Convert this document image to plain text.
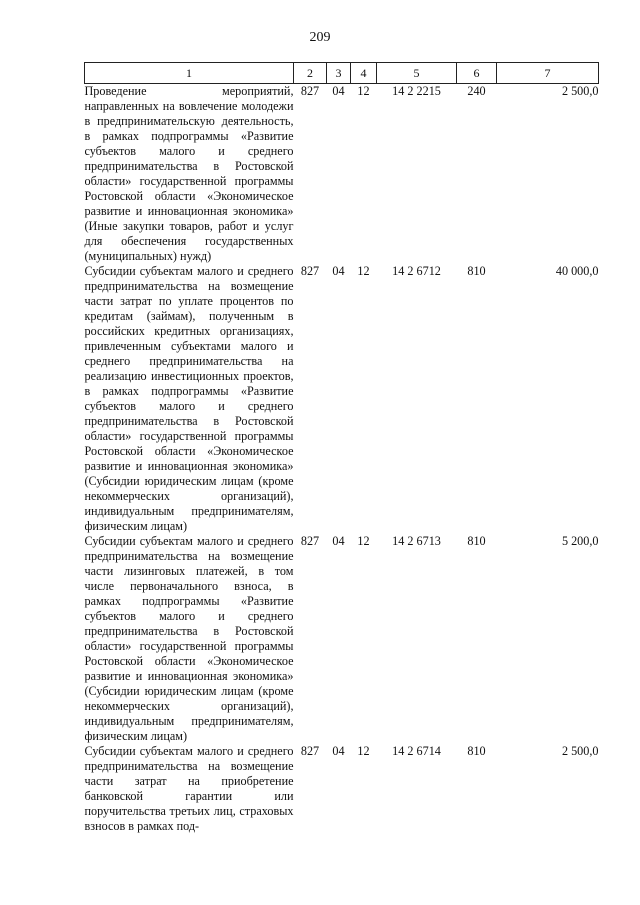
209
1	2	3	4	5	6	7
Проведение мероприятий, направленных на вовлечение молодежи в предпринимательскую деятельность, в рамках подпрограммы «Развитие субъектов малого и среднего предпринимательства в Ростовской области» государственной программы Ростовской области «Экономическое развитие и инновационная экономика» (Иные закупки товаров, работ и услуг для обеспечения государственных (муниципальных) нужд)	827	04	12	14 2 2215	240	2 500,0
Субсидии субъектам малого и среднего предпринимательства на возмещение части затрат по уплате процентов по кредитам (займам), полученным в российских кредитных организациях, привлеченным субъектами малого и среднего предпринимательства на реализацию инвестиционных проектов, в рамках подпрограммы «Развитие субъектов малого и среднего предпринимательства в Ростовской области» государственной программы Ростовской области «Экономическое развитие и инновационная экономика» (Субсидии юридическим лицам (кроме некоммерческих организаций), индивидуальным предпринимателям, физическим лицам)	827	04	12	14 2 6712	810	40 000,0
Субсидии субъектам малого и среднего предпринимательства на возмещение части лизинговых платежей, в том числе первоначального взноса, в рамках подпрограммы «Развитие субъектов малого и среднего предпринимательства в Ростовской области» государственной программы Ростовской области «Экономическое развитие и инновационная экономика» (Субсидии юридическим лицам (кроме некоммерческих организаций), индивидуальным предпринимателям, физическим лицам)	827	04	12	14 2 6713	810	5 200,0
Субсидии субъектам малого и среднего предпринимательства на возмещение части затрат на приобретение банковской гарантии или поручительства третьих лиц, страховых взносов в рамках под-	827	04	12	14 2 6714	810	2 500,0
